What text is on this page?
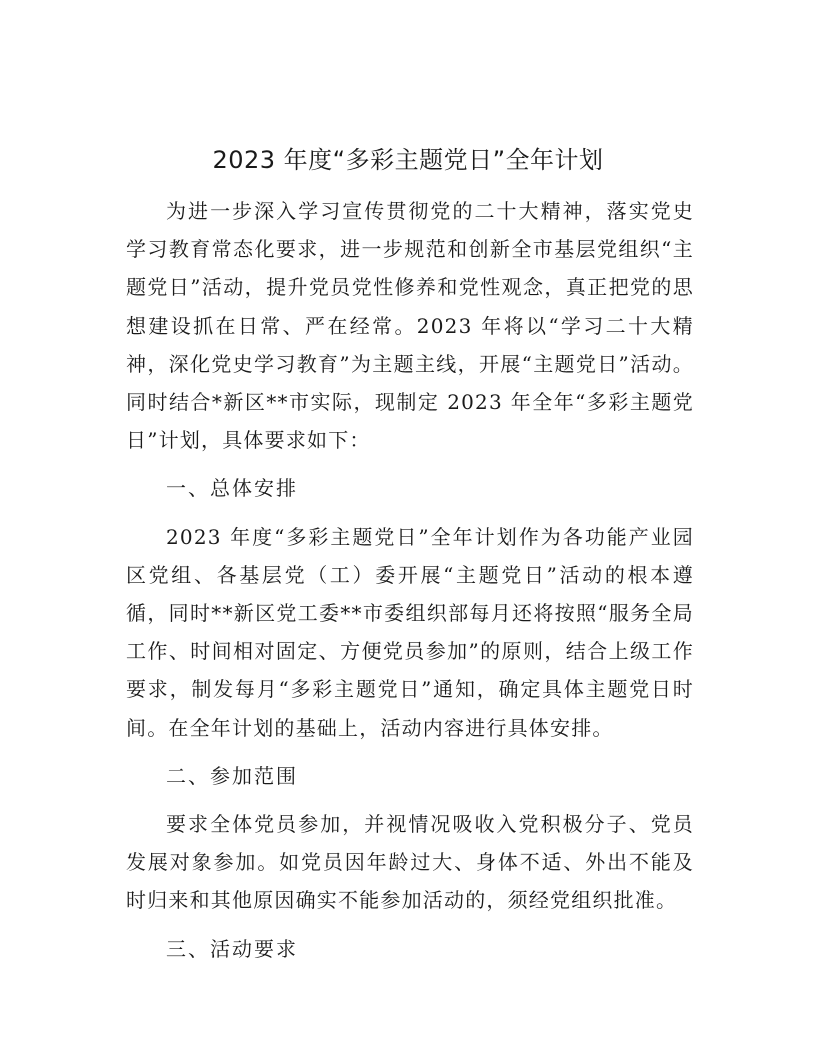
2023 年度“多彩主题党日”全年计划

为进一步深入学习宣传贯彻党的二十大精神，落实党史学习教育常态化要求，进一步规范和创新全市基层党组织“主题党日”活动，提升党员党性修养和党性观念，真正把党的思想建设抓在日常、严在经常。2023 年将以“学习二十大精神，深化党史学习教育”为主题主线，开展“主题党日”活动。同时结合*新区**市实际，现制定 2023 年全年“多彩主题党日”计划，具体要求如下：

一、总体安排

2023 年度“多彩主题党日”全年计划作为各功能产业园区党组、各基层党（工）委开展“主题党日”活动的根本遵循，同时**新区党工委**市委组织部每月还将按照“服务全局工作、时间相对固定、方便党员参加”的原则，结合上级工作要求，制发每月“多彩主题党日”通知，确定具体主题党日时间。在全年计划的基础上，活动内容进行具体安排。

二、参加范围

要求全体党员参加，并视情况吸收入党积极分子、党员发展对象参加。如党员因年龄过大、身体不适、外出不能及时归来和其他原因确实不能参加活动的，须经党组织批准。

三、活动要求
